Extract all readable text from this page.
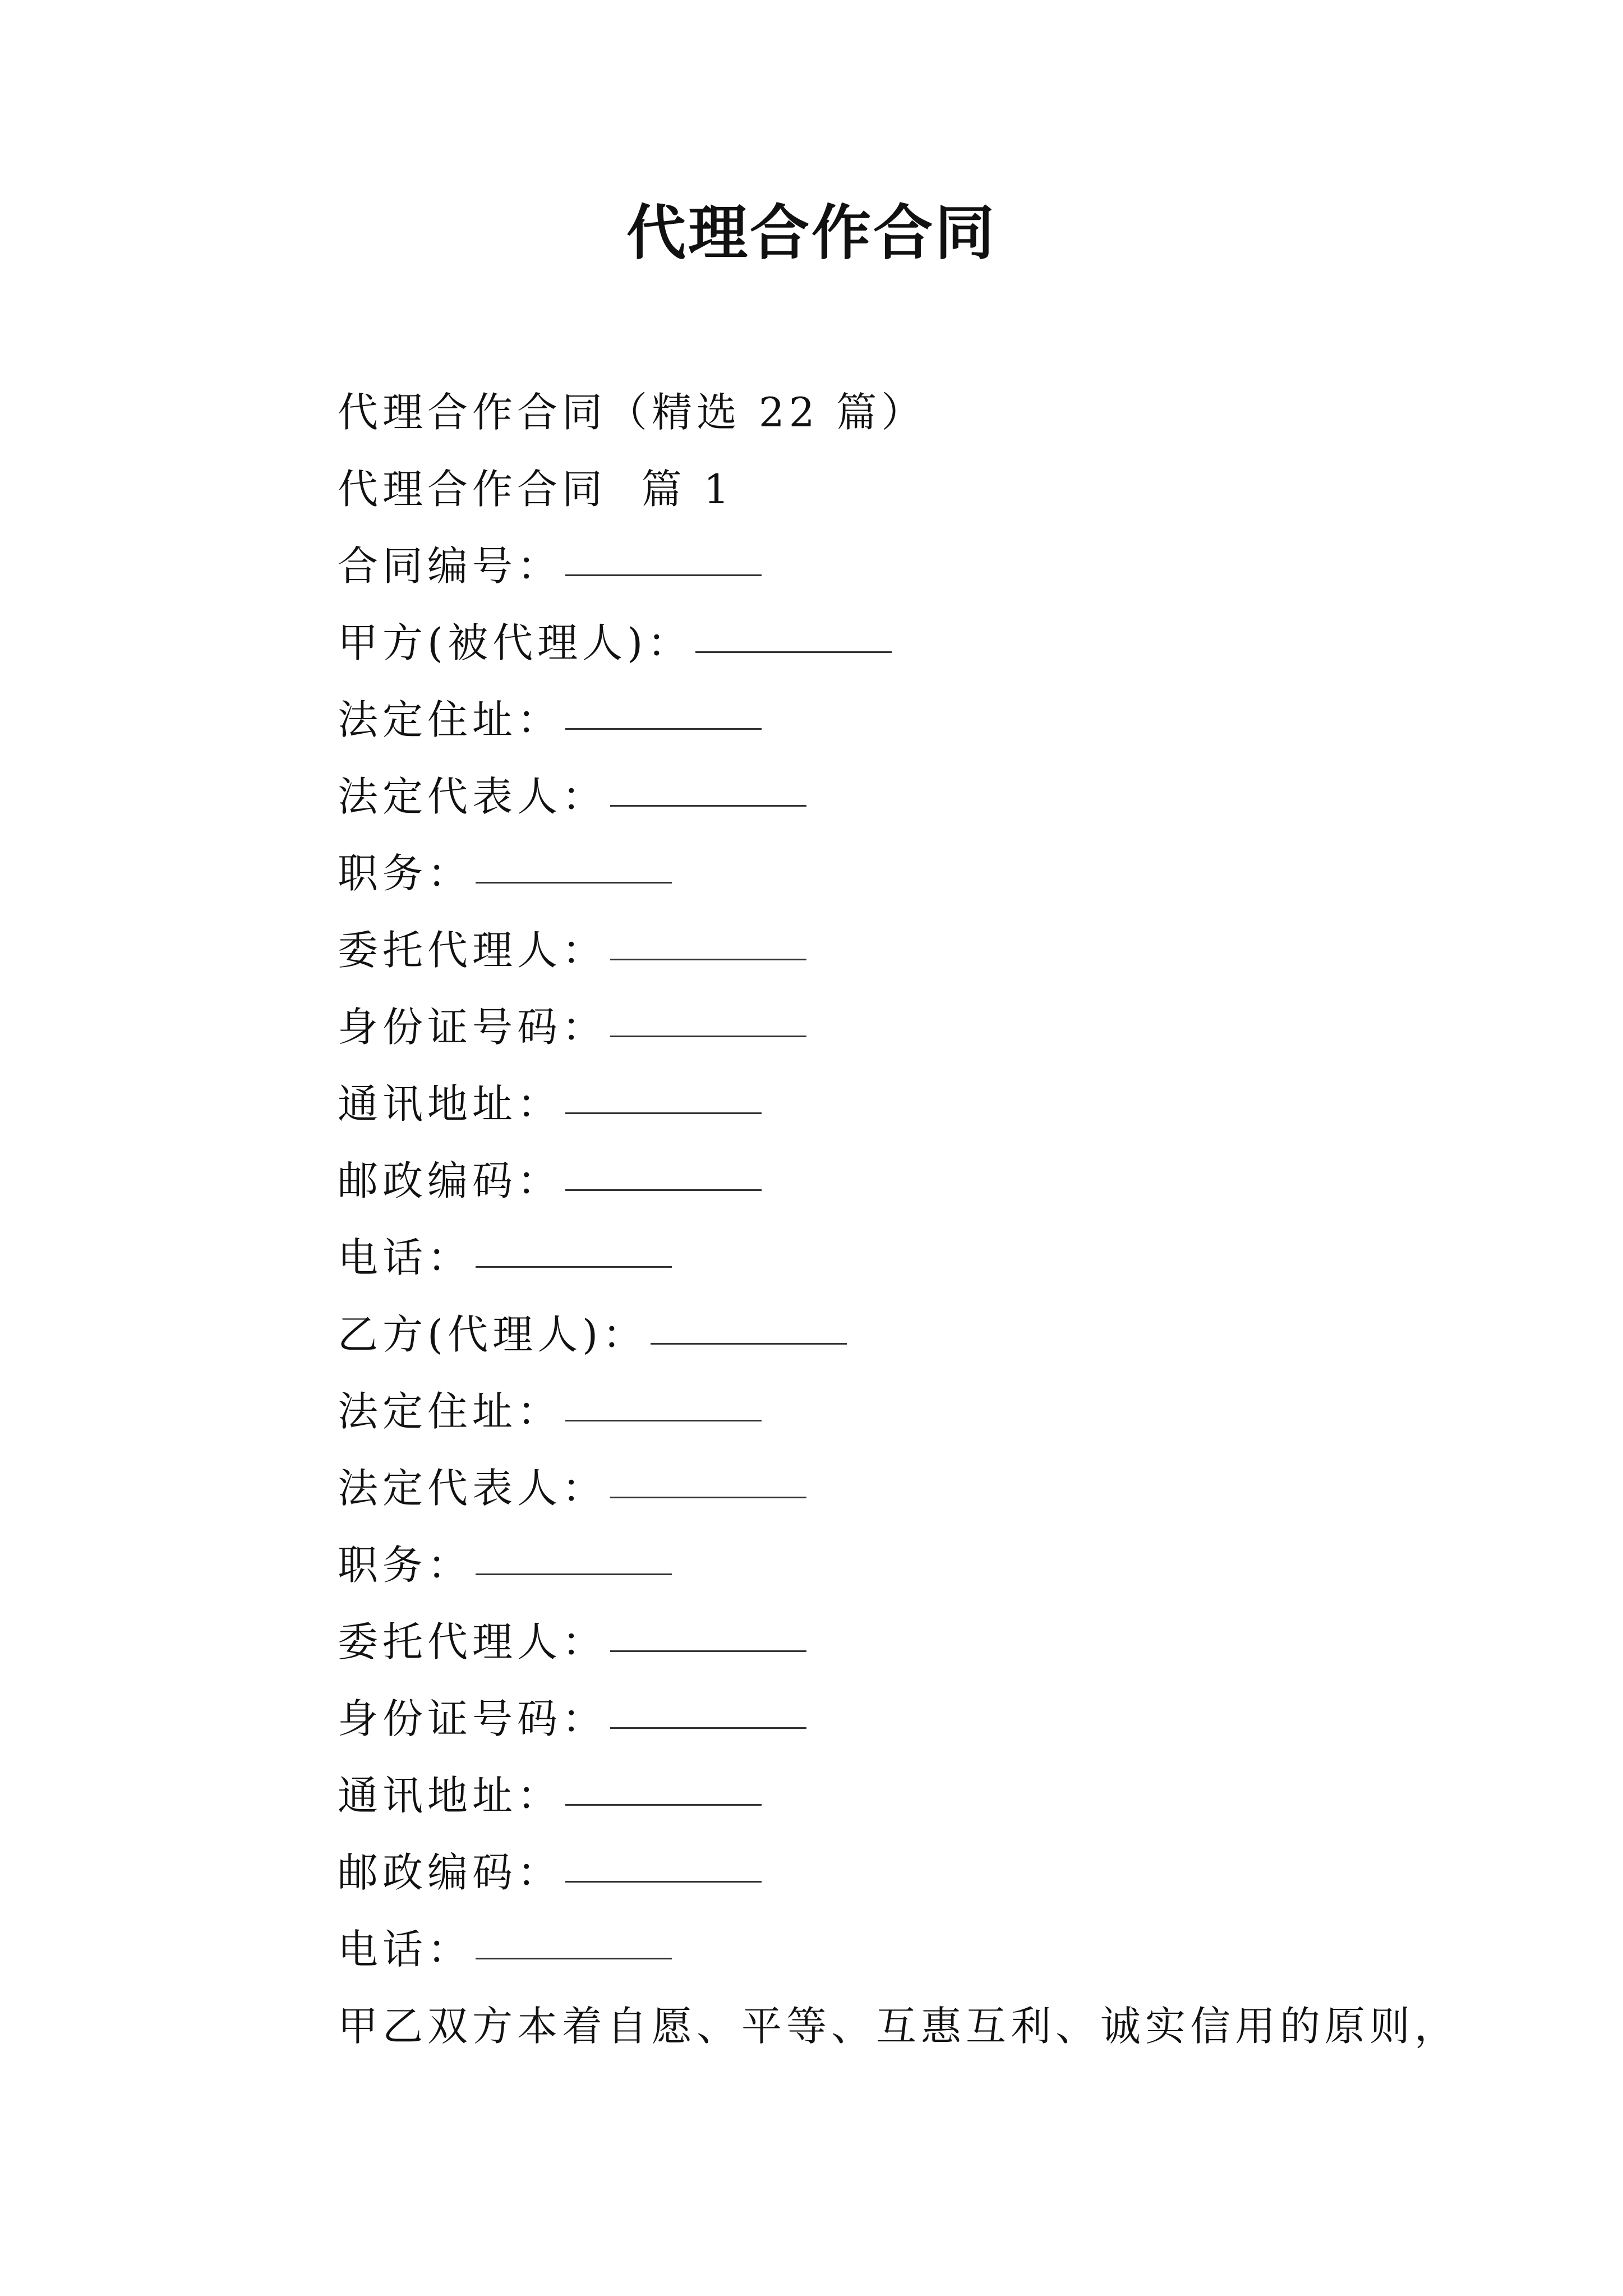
代理合作合同
代理合作合同（精选 22 篇）
代理合作合同  篇 1
合同编号：
甲方(被代理人)：
法定住址：
法定代表人：
职务：
委托代理人：
身份证号码：
通讯地址：
邮政编码：
电话：
乙方(代理人)：
法定住址：
法定代表人：
职务：
委托代理人：
身份证号码：
通讯地址：
邮政编码：
电话：
甲乙双方本着自愿、平等、互惠互利、诚实信用的原则，
